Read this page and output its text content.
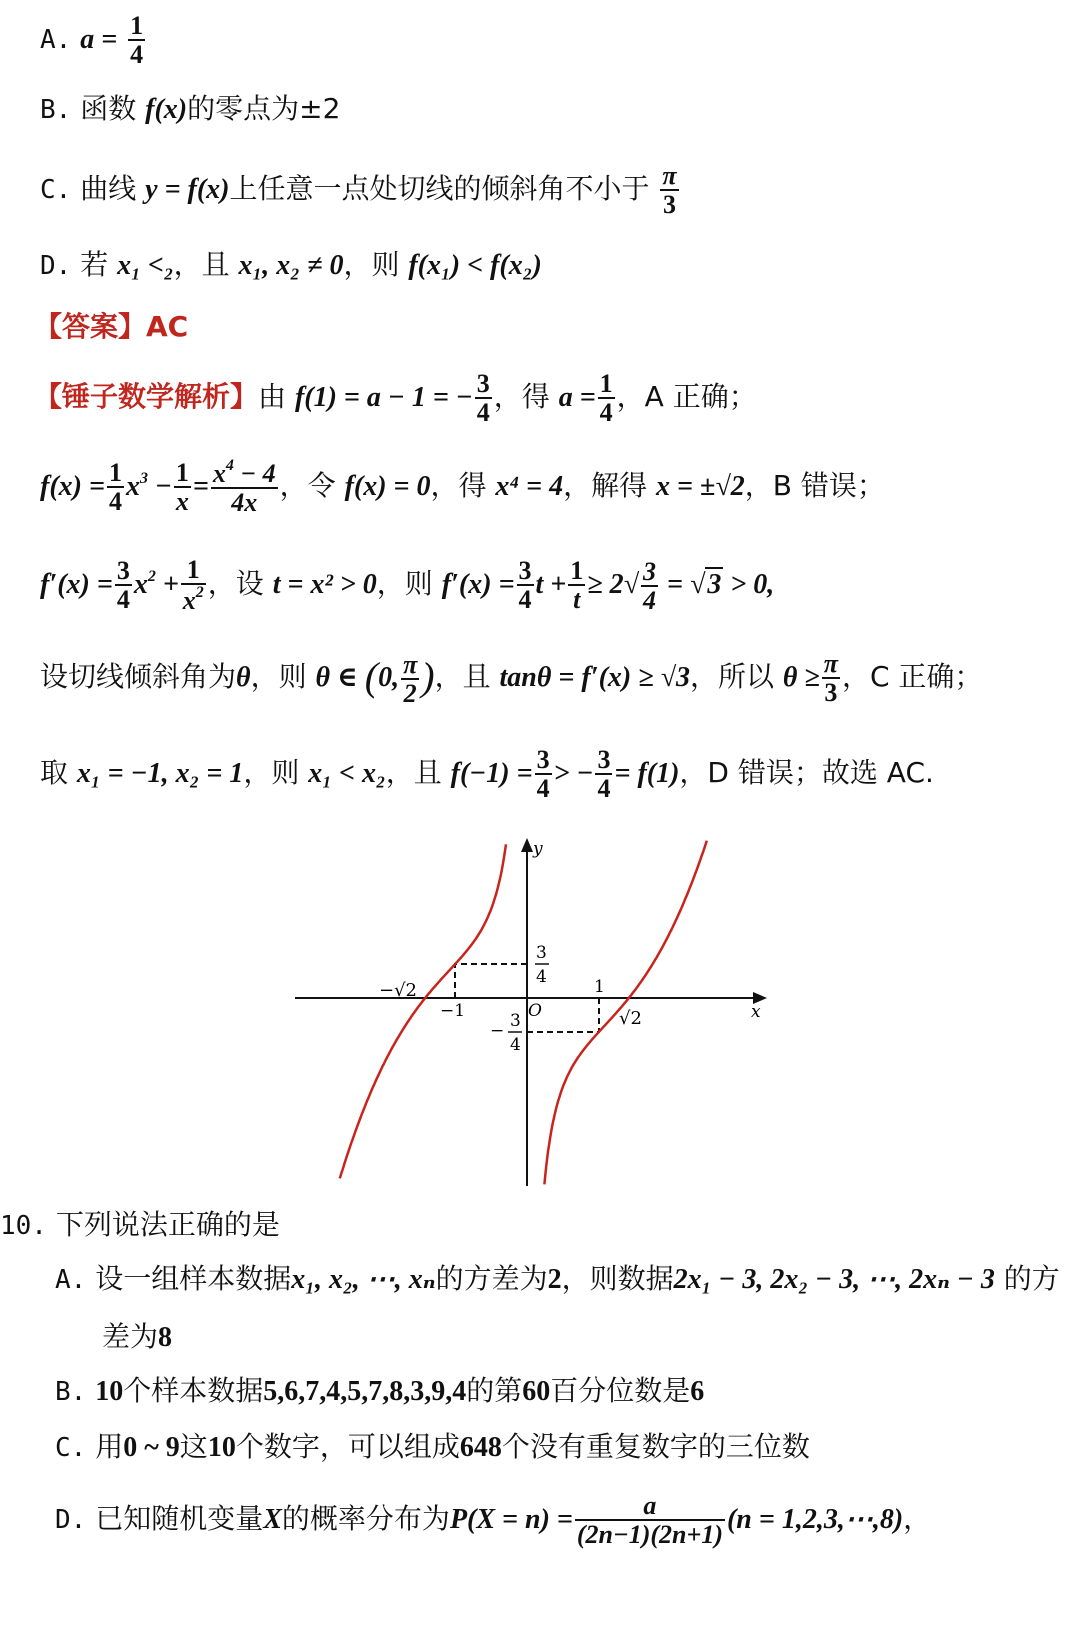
A. $a = \frac{1}{4}$
B. 函数 f(x)的零点为±2
C. 曲线 y = f(x)上任意一点处切线的倾斜角不小于 $\frac{\pi}{3}$
D. 若 x₁ <₂，且 x₁, x₂ ≠ 0，则 f(x₁) < f(x₂)
【答案】AC
【锤子数学解析】由 f(1) = a − 1 = − $\frac{3}{4}$ ，得 $a = \frac{1}{4}$ ，A 正确；
$f(x) = \frac{1}{4} x^3 - \frac{1}{x} = \frac{x^4 - 4}{4x}$ ，令 f(x) = 0，得 x⁴ = 4，解得 x = ±√2，B 错误；
$f'(x) = \frac{3}{4} x^2 + \frac{1}{x^2}$ ，设 t = x² > 0，则 $f'(x) = \frac{3}{4}$ $t + \frac{1}{t} \ge 2√ \frac{3}{4} = √3 > 0$,
设切线倾斜角为θ，则 θ ∈ (0, $\frac{\pi}{2}$ )，且 tanθ = f′(x) ≥ √3，所以 $\theta \ge \frac{\pi}{3}$ ，C 正确；
取 x₁ = −1, x₂ = 1，则 x₁ < x₂，且 $f(-1) = \frac{3}{4}$ > − $\frac{3}{4} = f(1)$，D 错误；故选 AC.
y
x
O
−√2
−1	√2
1
3
4
− 3
4
10. 下列说法正确的是
A. 设一组样本数据x₁, x₂, ⋯, xₙ的方差为2，则数据2x₁ − 3, 2x₂ − 3, ⋯, 2xₙ − 3 的方
差为8
B. 10个样本数据5,6,7,4,5,7,8,3,9,4的第60百分位数是6
C. 用0 ~ 9这10个数字，可以组成648个没有重复数字的三位数
D. 已知随机变量X的概率分布为$P(X = n) = \frac{a}{(2n-1)(2n+1)} (n$ = 1,2,3,⋯,8)，
